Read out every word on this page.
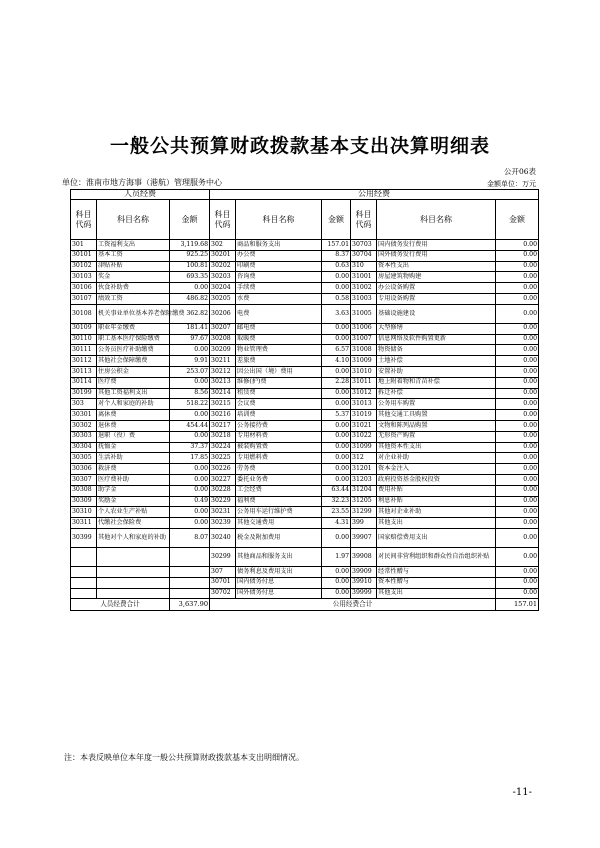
一般公共预算财政拨款基本支出决算明细表
公开06表
单位：淮南市地方海事（港航）管理服务中心	金额单位：万元
人员经费			公用经费					
科目代码	科目名称	金额	科目代码	科目名称	金额	科目代码	科目名称	金额
301	工资福利支出	3,119.68	302	商品和服务支出	157.01	30703	国内债务发行费用	0.00
30101	基本工资	925.25	30201	办公费	8.37	30704	国外债务发行费用	0.00
30102	津贴补贴	100.81	30202	印刷费	0.63	310	资本性支出	0.00
30103	奖金	693.35	30203	咨询费	0.00	31001	房屋建筑物购建	0.00
30106	伙食补助费	0.00	30204	手续费	0.00	31002	办公设备购置	0.00
30107	绩效工资	486.82	30205	水费	0.58	31003	专用设备购置	0.00
30108	机关事业单位基本养老保险缴费	362.82	30206	电费	3.63	31005	基础设施建设	0.00
30109	职业年金缴费	181.41	30207	邮电费	0.00	31006	大型修缮	0.00
30110	职工基本医疗保险缴费	97.67	30208	取暖费	0.00	31007	信息网络及软件购置更新	0.00
30111	公务员医疗补助缴费	0.00	30209	物业管理费	6.57	31008	物资储备	0.00
30112	其他社会保障缴费	9.91	30211	差旅费	4.10	31009	土地补偿	0.00
30113	住房公积金	253.07	30212	因公出国（境）费用	0.00	31010	安置补助	0.00
30114	医疗费	0.00	30213	维修(护)费	2.28	31011	地上附着物和青苗补偿	0.00
30199	其他工资福利支出	8.56	30214	租赁费	0.00	31012	拆迁补偿	0.00
303	对个人和家庭的补助	518.22	30215	会议费	0.00	31013	公务用车购置	0.00
30301	离休费	0.00	30216	培训费	5.37	31019	其他交通工具购置	0.00
30302	退休费	454.44	30217	公务接待费	0.00	31021	文物和陈列品购置	0.00
30303	退职（役）费	0.00	30218	专用材料费	0.00	31022	无形资产购置	0.00
30304	抚恤金	37.37	30224	被装购置费	0.00	31099	其他资本性支出	0.00
30305	生活补助	17.85	30225	专用燃料费	0.00	312	对企业补助	0.00
30306	救济费	0.00	30226	劳务费	0.00	31201	资本金注入	0.00
30307	医疗费补助	0.00	30227	委托业务费	0.00	31203	政府投资基金股权投资	0.00
30308	助学金	0.00	30228	工会经费	63.44	31204	费用补贴	0.00
30309	奖励金	0.49	30229	福利费	32.23	31205	利息补贴	0.00
30310	个人农业生产补贴	0.00	30231	公务用车运行维护费	23.55	31299	其他对企业补助	0.00
30311	代缴社会保险费	0.00	30239	其他交通费用	4.31	399	其他支出	0.00
30399	其他对个人和家庭的补助	8.07	30240	税金及附加费用	0.00	39907	国家赔偿费用支出	0.00
			30299	其他商品和服务支出	1.97	39908	对民间非营利组织和群众性自治组织补贴	0.00
			307	债务利息及费用支出	0.00	39909	经常性赠与	0.00
			30701	国内债务付息	0.00	39910	资本性赠与	0.00
			30702	国外债务付息	0.00	39999	其他支出	0.00
人员经费合计		3,637.90	公用经费合计					157.01
注：本表反映单位本年度一般公共预算财政拨款基本支出明细情况。
-11-
